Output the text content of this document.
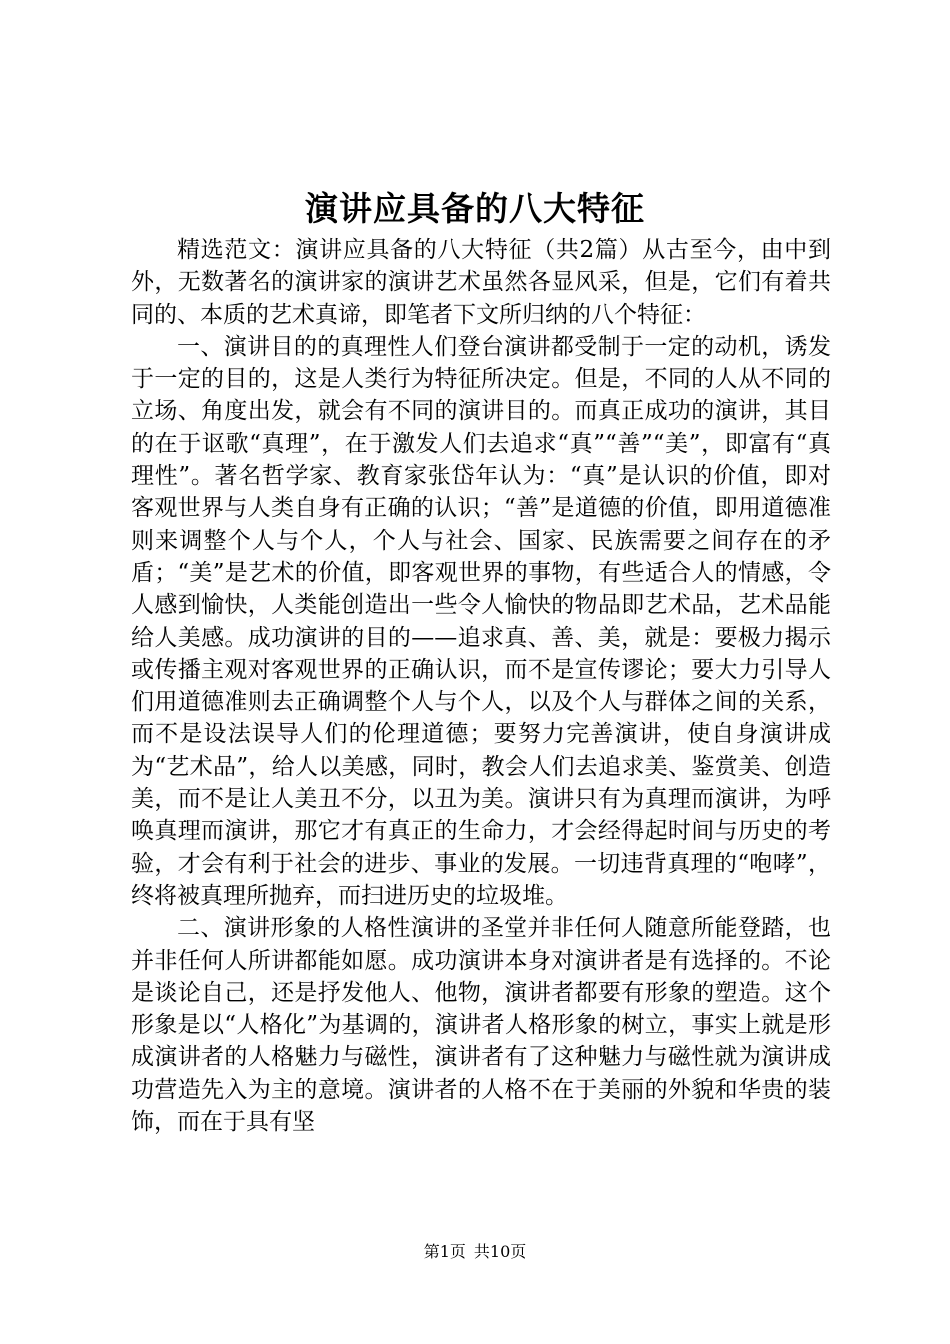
演讲应具备的八大特征

精选范文：演讲应具备的八大特征（共2篇）从古至今，由中到外，无数著名的演讲家的演讲艺术虽然各显风采，但是，它们有着共同的、本质的艺术真谛，即笔者下文所归纳的八个特征：

一、演讲目的的真理性人们登台演讲都受制于一定的动机，诱发于一定的目的，这是人类行为特征所决定。但是，不同的人从不同的立场、角度出发，就会有不同的演讲目的。而真正成功的演讲，其目的在于讴歌“真理”，在于激发人们去追求“真”“善”“美”，即富有“真理性”。著名哲学家、教育家张岱年认为：“真”是认识的价值，即对客观世界与人类自身有正确的认识；“善”是道德的价值，即用道德准则来调整个人与个人，个人与社会、国家、民族需要之间存在的矛盾；“美”是艺术的价值，即客观世界的事物，有些适合人的情感，令人感到愉快，人类能创造出一些令人愉快的物品即艺术品，艺术品能给人美感。成功演讲的目的——追求真、善、美，就是：要极力揭示或传播主观对客观世界的正确认识，而不是宣传谬论；要大力引导人们用道德准则去正确调整个人与个人，以及个人与群体之间的关系，而不是设法误导人们的伦理道德；要努力完善演讲，使自身演讲成为“艺术品”，给人以美感，同时，教会人们去追求美、鉴赏美、创造美，而不是让人美丑不分，以丑为美。演讲只有为真理而演讲，为呼唤真理而演讲，那它才有真正的生命力，才会经得起时间与历史的考验，才会有利于社会的进步、事业的发展。一切违背真理的“咆哮”，终将被真理所抛弃，而扫进历史的垃圾堆。

二、演讲形象的人格性演讲的圣堂并非任何人随意所能登踏，也并非任何人所讲都能如愿。成功演讲本身对演讲者是有选择的。不论是谈论自己，还是抒发他人、他物，演讲者都要有形象的塑造。这个形象是以“人格化”为基调的，演讲者人格形象的树立，事实上就是形成演讲者的人格魅力与磁性，演讲者有了这种魅力与磁性就为演讲成功营造先入为主的意境。演讲者的人格不在于美丽的外貌和华贵的装饰，而在于具有坚

第1页 共10页
